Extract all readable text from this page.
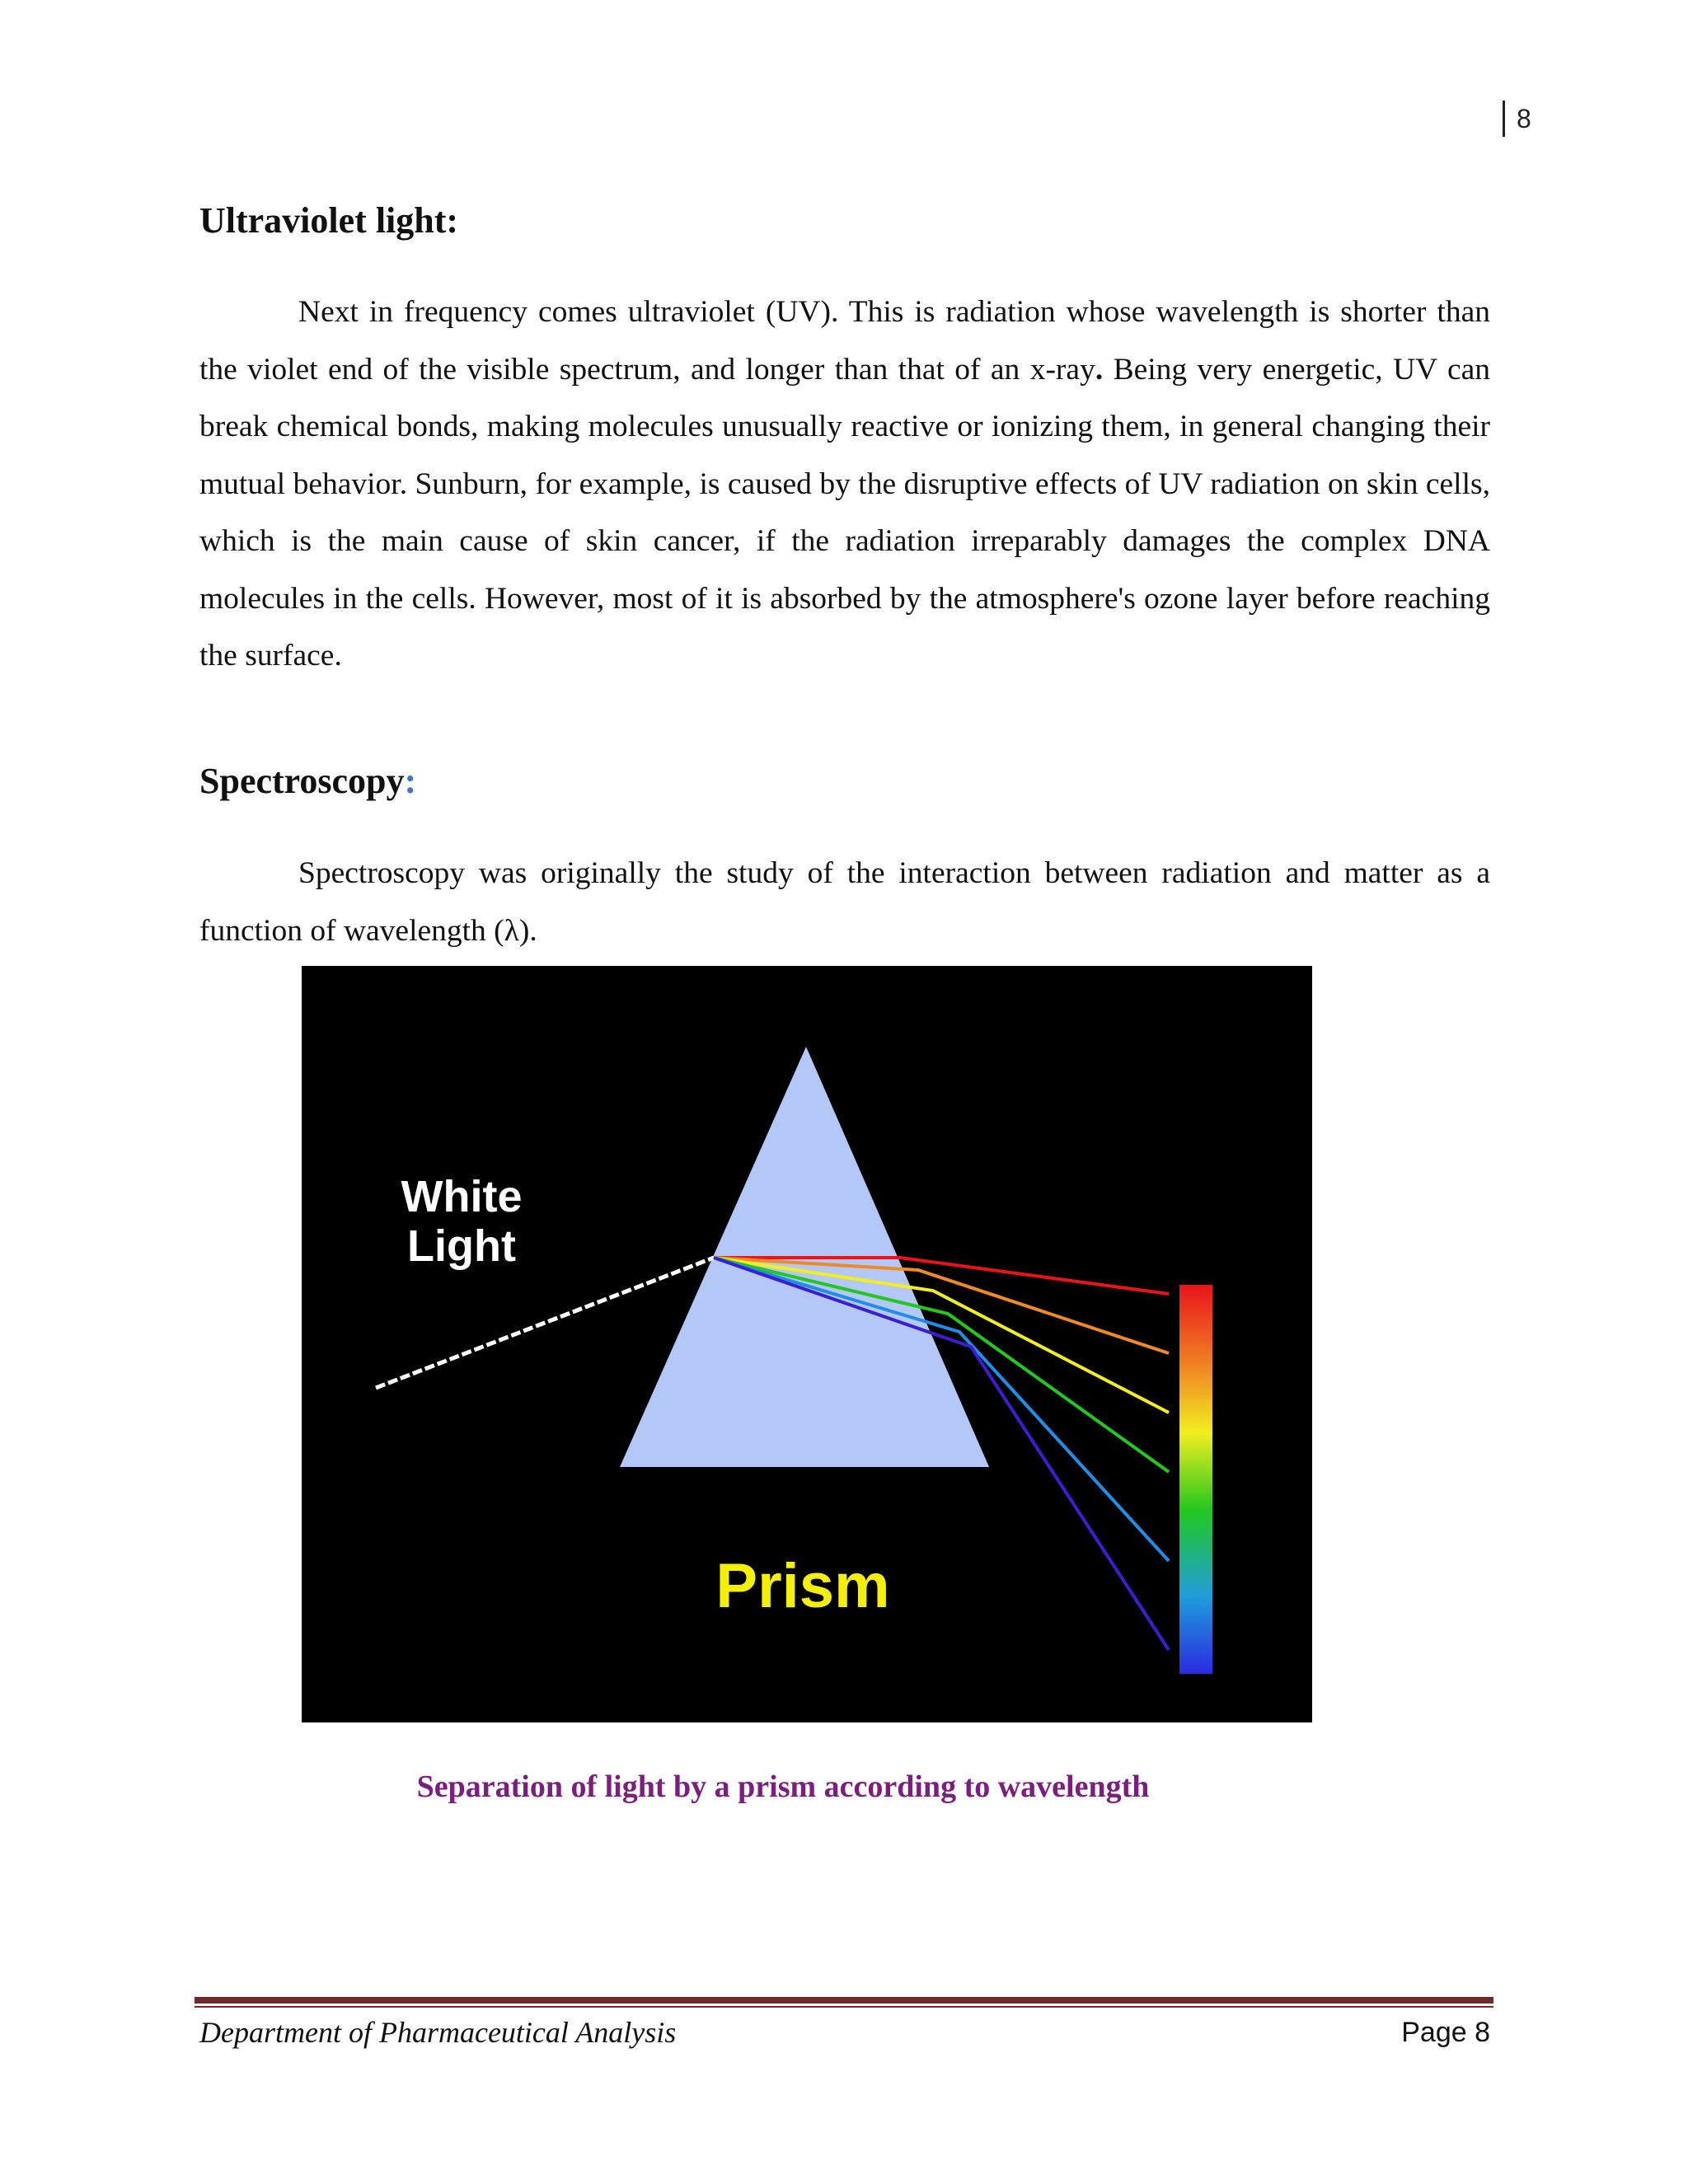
8
Ultraviolet light:

Next in frequency comes ultraviolet (UV). This is radiation whose wavelength is shorter than the violet end of the visible spectrum, and longer than that of an x-ray. Being very energetic, UV can break chemical bonds, making molecules unusually reactive or ionizing them, in general changing their mutual behavior. Sunburn, for example, is caused by the disruptive effects of UV radiation on skin cells, which is the main cause of skin cancer, if the radiation irreparably damages the complex DNA molecules in the cells. However, most of it is absorbed by the atmosphere's ozone layer before reaching the surface.

Spectroscopy:

Spectroscopy was originally the study of the interaction between radiation and matter as a function of wavelength (λ).

White
Light
Prism
Separation of light by a prism according to wavelength
Department of Pharmaceutical Analysis	Page 8
